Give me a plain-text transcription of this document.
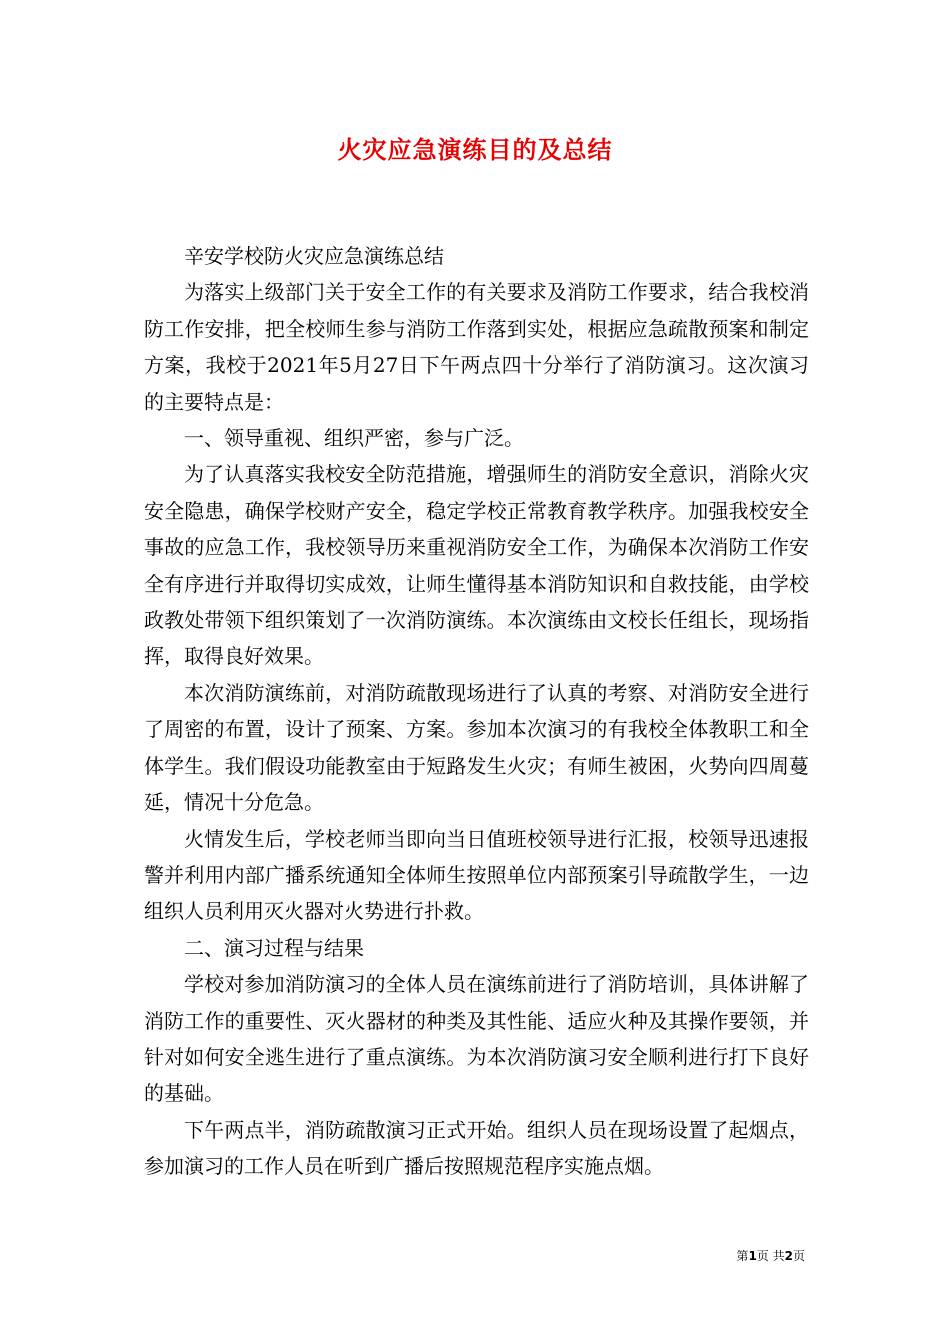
火灾应急演练目的及总结

辛安学校防火灾应急演练总结

为落实上级部门关于安全工作的有关要求及消防工作要求，结合我校消防工作安排，把全校师生参与消防工作落到实处，根据应急疏散预案和制定方案，我校于2021年5月27日下午两点四十分举行了消防演习。这次演习的主要特点是：

一、领导重视、组织严密，参与广泛。

为了认真落实我校安全防范措施，增强师生的消防安全意识，消除火灾安全隐患，确保学校财产安全，稳定学校正常教育教学秩序。加强我校安全事故的应急工作，我校领导历来重视消防安全工作，为确保本次消防工作安全有序进行并取得切实成效，让师生懂得基本消防知识和自救技能，由学校政教处带领下组织策划了一次消防演练。本次演练由文校长任组长，现场指挥，取得良好效果。

本次消防演练前，对消防疏散现场进行了认真的考察、对消防安全进行了周密的布置，设计了预案、方案。参加本次演习的有我校全体教职工和全体学生。我们假设功能教室由于短路发生火灾；有师生被困，火势向四周蔓延，情况十分危急。

火情发生后，学校老师当即向当日值班校领导进行汇报，校领导迅速报警并利用内部广播系统通知全体师生按照单位内部预案引导疏散学生，一边组织人员利用灭火器对火势进行扑救。

二、演习过程与结果

学校对参加消防演习的全体人员在演练前进行了消防培训，具体讲解了消防工作的重要性、灭火器材的种类及其性能、适应火种及其操作要领，并针对如何安全逃生进行了重点演练。为本次消防演习安全顺利进行打下良好的基础。

下午两点半，消防疏散演习正式开始。组织人员在现场设置了起烟点，参加演习的工作人员在听到广播后按照规范程序实施点烟。

第1页 共2页
